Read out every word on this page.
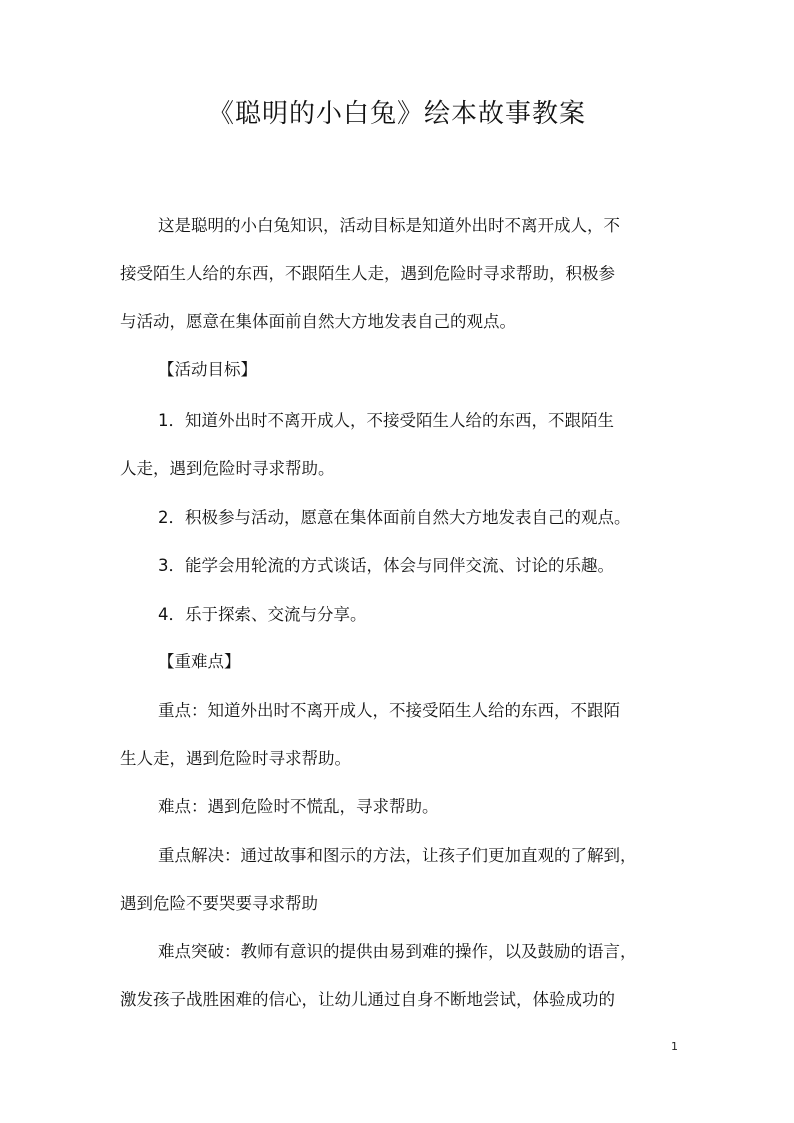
《聪明的小白兔》绘本故事教案
这是聪明的小白兔知识，活动目标是知道外出时不离开成人，不
接受陌生人给的东西，不跟陌生人走，遇到危险时寻求帮助，积极参
与活动，愿意在集体面前自然大方地发表自己的观点。
【活动目标】
1．知道外出时不离开成人，不接受陌生人给的东西，不跟陌生
人走，遇到危险时寻求帮助。
2．积极参与活动，愿意在集体面前自然大方地发表自己的观点。
3．能学会用轮流的方式谈话，体会与同伴交流、讨论的乐趣。
4．乐于探索、交流与分享。
【重难点】
重点：知道外出时不离开成人，不接受陌生人给的东西，不跟陌
生人走，遇到危险时寻求帮助。
难点：遇到危险时不慌乱，寻求帮助。
重点解决：通过故事和图示的方法，让孩子们更加直观的了解到，
遇到危险不要哭要寻求帮助
难点突破：教师有意识的提供由易到难的操作，以及鼓励的语言，
激发孩子战胜困难的信心，让幼儿通过自身不断地尝试，体验成功的
1
